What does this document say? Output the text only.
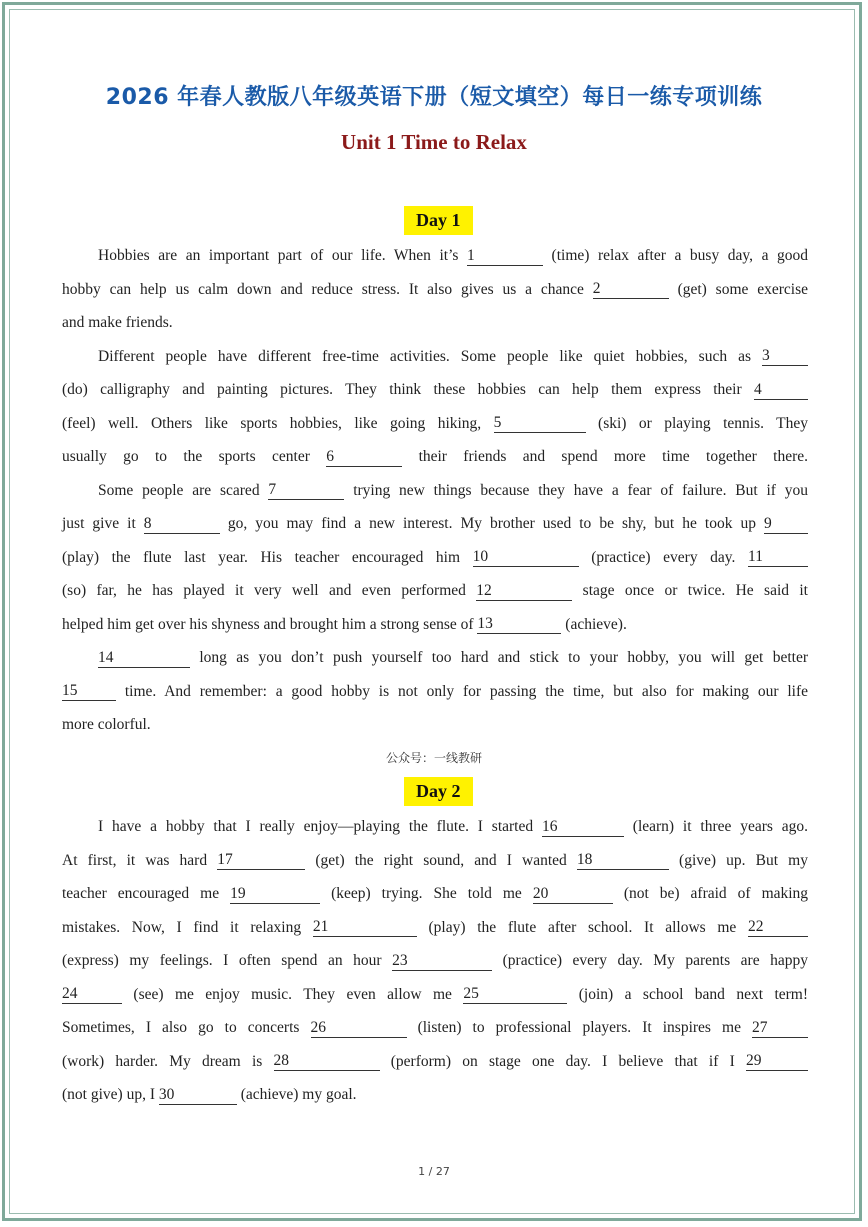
2026 年春人教版八年级英语下册（短文填空）每日一练专项训练
Unit 1 Time to Relax
Day 1
Hobbies are an important part of our life. When it’s 1	(time) relax after a busy day, a good
hobby can help us calm down and reduce stress. It also gives us a chance 2	(get) some exercise
and make friends.
Different people have different free-time activities. Some people like quiet hobbies, such as 3
(do) calligraphy and painting pictures. They think these hobbies can help them express their 4
(feel) well. Others like sports hobbies, like going hiking, 5	(ski) or playing tennis. They
usually go to the sports center 6	their friends and spend more time together there.
Some people are scared 7	trying new things because they have a fear of failure. But if you
just give it 8	go, you may find a new interest. My brother used to be shy, but he took up 9
(play) the flute last year. His teacher encouraged him 10	(practice) every day. 11
(so) far, he has played it very well and even performed 12	stage once or twice. He said it
helped him get over his shyness and brought him a strong sense of 13	(achieve).
14	long as you don’t push yourself too hard and stick to your hobby, you will get better
15	time. And remember: a good hobby is not only for passing the time, but also for making our life
more colorful.
公众号：一线教研
Day 2
I have a hobby that I really enjoy—playing the flute. I started 16	(learn) it three years ago.
At first, it was hard 17	(get) the right sound, and I wanted 18	(give) up. But my
teacher encouraged me 19	(keep) trying. She told me 20	(not be) afraid of making
mistakes. Now, I find it relaxing 21	(play) the flute after school. It allows me 22
(express) my feelings. I often spend an hour 23	(practice) every day. My parents are happy
24	(see) me enjoy music. They even allow me 25	(join) a school band next term!
Sometimes, I also go to concerts 26	(listen) to professional players. It inspires me 27
(work) harder. My dream is 28	(perform) on stage one day. I believe that if I 29
(not give) up, I 30	(achieve) my goal.
1 / 27
